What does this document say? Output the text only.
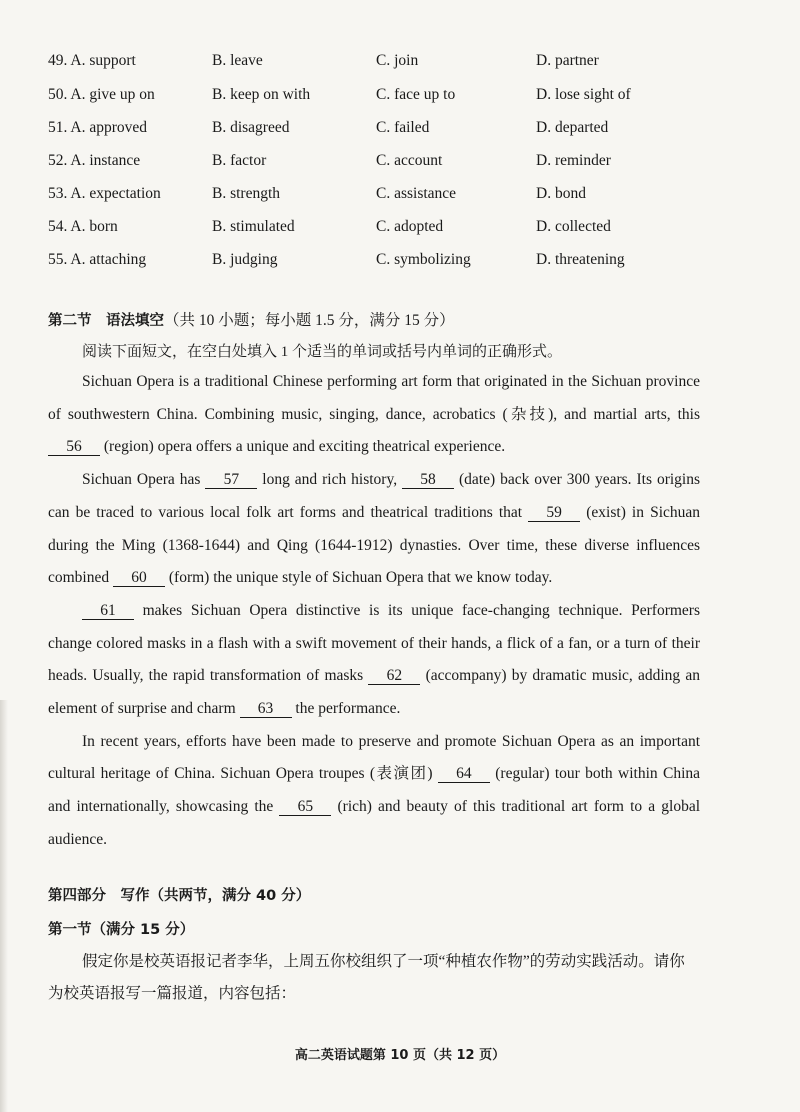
49. A. support	B. leave	C. join	D. partner
50. A. give up on	B. keep on with	C. face up to	D. lose sight of
51. A. approved	B. disagreed	C. failed	D. departed
52. A. instance	B. factor	C. account	D. reminder
53. A. expectation	B. strength	C. assistance	D. bond
54. A. born	B. stimulated	C. adopted	D. collected
55. A. attaching	B. judging	C. symbolizing	D. threatening
第二节　语法填空（共 10 小题；每小题 1.5 分，满分 15 分）
阅读下面短文，在空白处填入 1 个适当的单词或括号内单词的正确形式。

Sichuan Opera is a traditional Chinese performing art form that originated in the Sichuan province of southwestern China. Combining music, singing, dance, acrobatics (杂技), and martial arts, this 56 (region) opera offers a unique and exciting theatrical experience.

Sichuan Opera has 57 long and rich history, 58 (date) back over 300 years. Its origins can be traced to various local folk art forms and theatrical traditions that 59 (exist) in Sichuan during the Ming (1368-1644) and Qing (1644-1912) dynasties. Over time, these diverse influences combined 60 (form) the unique style of Sichuan Opera that we know today.

61 makes Sichuan Opera distinctive is its unique face-changing technique. Performers change colored masks in a flash with a swift movement of their hands, a flick of a fan, or a turn of their heads. Usually, the rapid transformation of masks 62 (accompany) by dramatic music, adding an element of surprise and charm 63 the performance.

In recent years, efforts have been made to preserve and promote Sichuan Opera as an important cultural heritage of China. Sichuan Opera troupes (表演团) 64 (regular) tour both within China and internationally, showcasing the 65 (rich) and beauty of this traditional art form to a global audience.

第四部分　写作（共两节，满分 40 分）
第一节（满分 15 分）

假定你是校英语报记者李华，上周五你校组织了一项“种植农作物”的劳动实践活动。请你为校英语报写一篇报道，内容包括：

高二英语试题第 10 页（共 12 页）
